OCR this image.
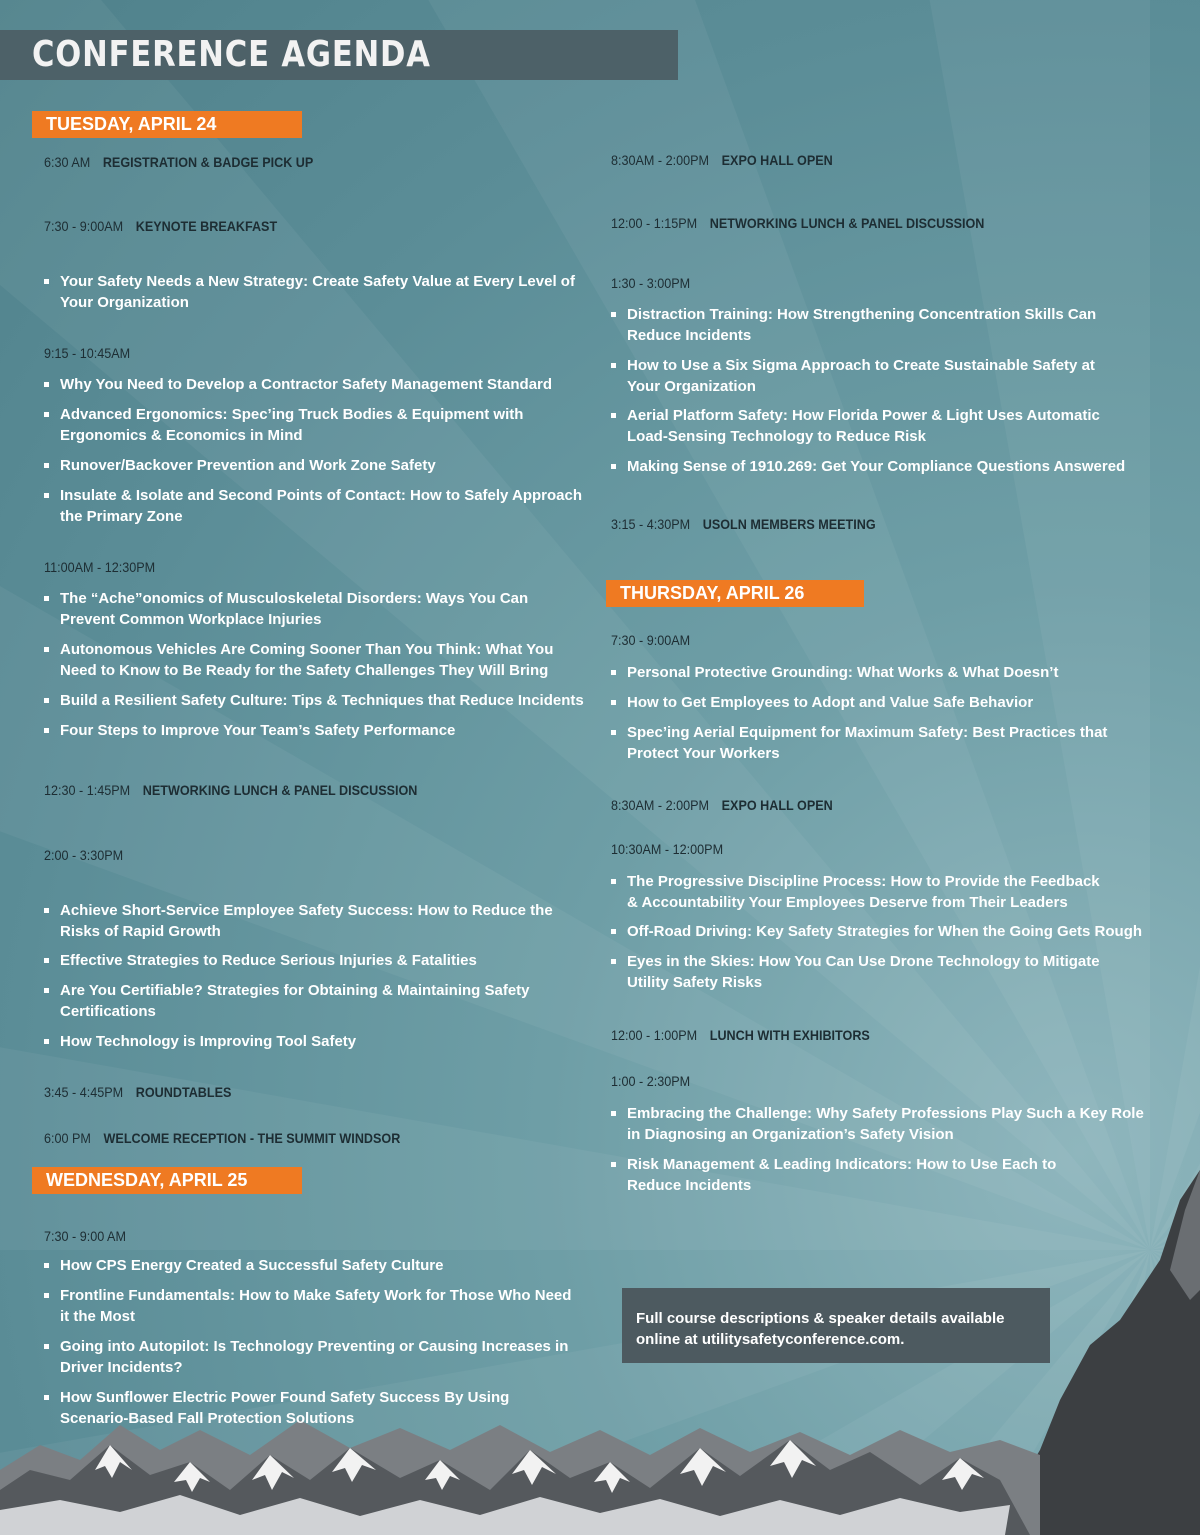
CONFERENCE AGENDA
TUESDAY, APRIL 24
WEDNESDAY, APRIL 25
THURSDAY, APRIL 26
6:30 AM REGISTRATION & BADGE PICK UP
7:30 - 9:00AM KEYNOTE BREAKFAST
9:15 - 10:45AM
11:00AM - 12:30PM
12:30 - 1:45PM NETWORKING LUNCH & PANEL DISCUSSION
2:00 - 3:30PM
3:45 - 4:45PM ROUNDTABLES
6:00 PM WELCOME RECEPTION - THE SUMMIT WINDSOR
7:30 - 9:00 AM
8:30AM - 2:00PM EXPO HALL OPEN
12:00 - 1:15PM NETWORKING LUNCH & PANEL DISCUSSION
1:30 - 3:00PM
3:15 - 4:30PM USOLN MEMBERS MEETING
7:30 - 9:00AM
8:30AM - 2:00PM EXPO HALL OPEN
10:30AM - 12:00PM
12:00 - 1:00PM LUNCH WITH EXHIBITORS
1:00 - 2:30PM
Your Safety Needs a New Strategy: Create Safety Value at Every Level of Your Organization
Why You Need to Develop a Contractor Safety Management Standard
Advanced Ergonomics: Spec’ing Truck Bodies & Equipment with Ergonomics & Economics in Mind
Runover/Backover Prevention and Work Zone Safety
Insulate & Isolate and Second Points of Contact: How to Safely Approach the Primary Zone
The “Ache”onomics of Musculoskeletal Disorders: Ways You Can Prevent Common Workplace Injuries
Autonomous Vehicles Are Coming Sooner Than You Think: What You Need to Know to Be Ready for the Safety Challenges They Will Bring
Build a Resilient Safety Culture: Tips & Techniques that Reduce Incidents
Four Steps to Improve Your Team’s Safety Performance
Achieve Short-Service Employee Safety Success: How to Reduce the Risks of Rapid Growth
Effective Strategies to Reduce Serious Injuries & Fatalities
Are You Certifiable? Strategies for Obtaining & Maintaining Safety Certifications
How Technology is Improving Tool Safety
How CPS Energy Created a Successful Safety Culture
Frontline Fundamentals: How to Make Safety Work for Those Who Need it the Most
Going into Autopilot: Is Technology Preventing or Causing Increases in Driver Incidents?
How Sunflower Electric Power Found Safety Success By Using Scenario-Based Fall Protection Solutions
Distraction Training: How Strengthening Concentration Skills Can Reduce Incidents
How to Use a Six Sigma Approach to Create Sustainable Safety at Your Organization
Aerial Platform Safety: How Florida Power & Light Uses Automatic Load-Sensing Technology to Reduce Risk
Making Sense of 1910.269: Get Your Compliance Questions Answered
Personal Protective Grounding: What Works & What Doesn’t
How to Get Employees to Adopt and Value Safe Behavior
Spec’ing Aerial Equipment for Maximum Safety: Best Practices that Protect Your Workers
The Progressive Discipline Process: How to Provide the Feedback & Accountability Your Employees Deserve from Their Leaders
Off-Road Driving: Key Safety Strategies for When the Going Gets Rough
Eyes in the Skies: How You Can Use Drone Technology to Mitigate Utility Safety Risks
Embracing the Challenge: Why Safety Professions Play Such a Key Role in Diagnosing an Organization’s Safety Vision
Risk Management & Leading Indicators: How to Use Each to Reduce Incidents
Full course descriptions & speaker details available online at utilitysafetyconference.com.
